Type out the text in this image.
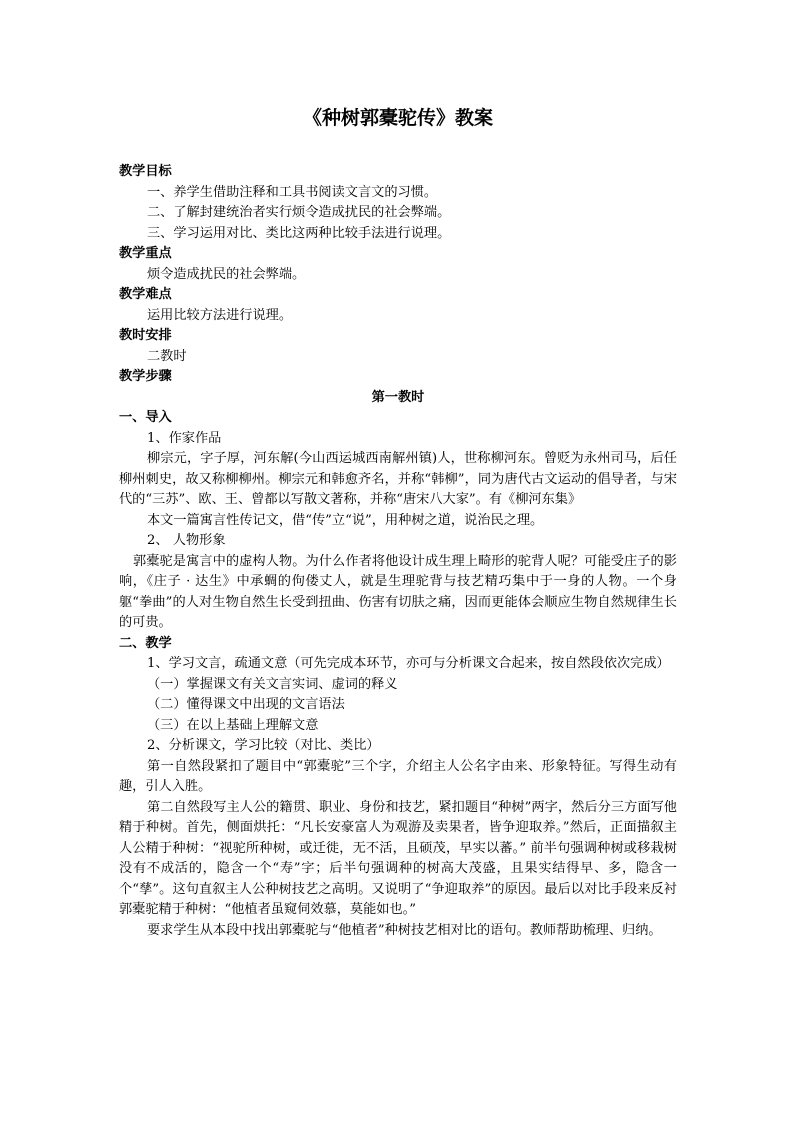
《种树郭橐驼传》教案
教学目标
一、养学生借助注释和工具书阅读文言文的习惯。
二、了解封建统治者实行烦令造成扰民的社会弊端。
三、学习运用对比、类比这两种比较手法进行说理。
教学重点
烦令造成扰民的社会弊端。
教学难点
运用比较方法进行说理。
教时安排
二教时
教学步骤
第一教时
一、导入
1、作家作品
柳宗元，字子厚，河东解(今山西运城西南解州镇)人，世称柳河东。曾贬为永州司马，后任柳州刺史，故又称柳柳州。柳宗元和韩愈齐名，并称“韩柳”，同为唐代古文运动的倡导者，与宋代的“三苏”、欧、王、曾都以写散文著称，并称“唐宋八大家”。有《柳河东集》
本文一篇寓言性传记文，借“传”立“说”，用种树之道，说治民之理。
2、 人物形象
郭橐驼是寓言中的虚构人物。为什么作者将他设计成生理上畸形的驼背人呢？可能受庄子的影响，《庄子 · 达生》中承蜩的佝偻丈人，就是生理驼背与技艺精巧集中于一身的人物。一个身躯“拳曲”的人对生物自然生长受到扭曲、伤害有切肤之痛，因而更能体会顺应生物自然规律生长的可贵。
二、教学
1、学习文言，疏通文意（可先完成本环节，亦可与分析课文合起来，按自然段依次完成）
（一）掌握课文有关文言实词、虚词的释义
（二）懂得课文中出现的文言语法
（三）在以上基础上理解文意
2、分析课文，学习比较（对比、类比）
第一自然段紧扣了题目中“郭橐驼”三个字，介绍主人公名字由来、形象特征。写得生动有趣，引人入胜。
第二自然段写主人公的籍贯、职业、身份和技艺，紧扣题目“种树”两字，然后分三方面写他精于种树。首先，侧面烘托：“凡长安豪富人为观游及卖果者，皆争迎取养。”然后，正面描叙主人公精于种树：“视驼所种树，或迁徙，无不活，且硕茂，早实以蕃。” 前半句强调种树或移栽树没有不成活的，隐含一个“寿”字；后半句强调种的树高大茂盛，且果实结得早、多，隐含一个“孳”。这句直叙主人公种树技艺之高明。又说明了“争迎取养”的原因。最后以对比手段来反衬郭橐驼精于种树：“他植者虽窥伺效慕，莫能如也。”
要求学生从本段中找出郭橐驼与“他植者”种树技艺相对比的语句。教师帮助梳理、归纳。
